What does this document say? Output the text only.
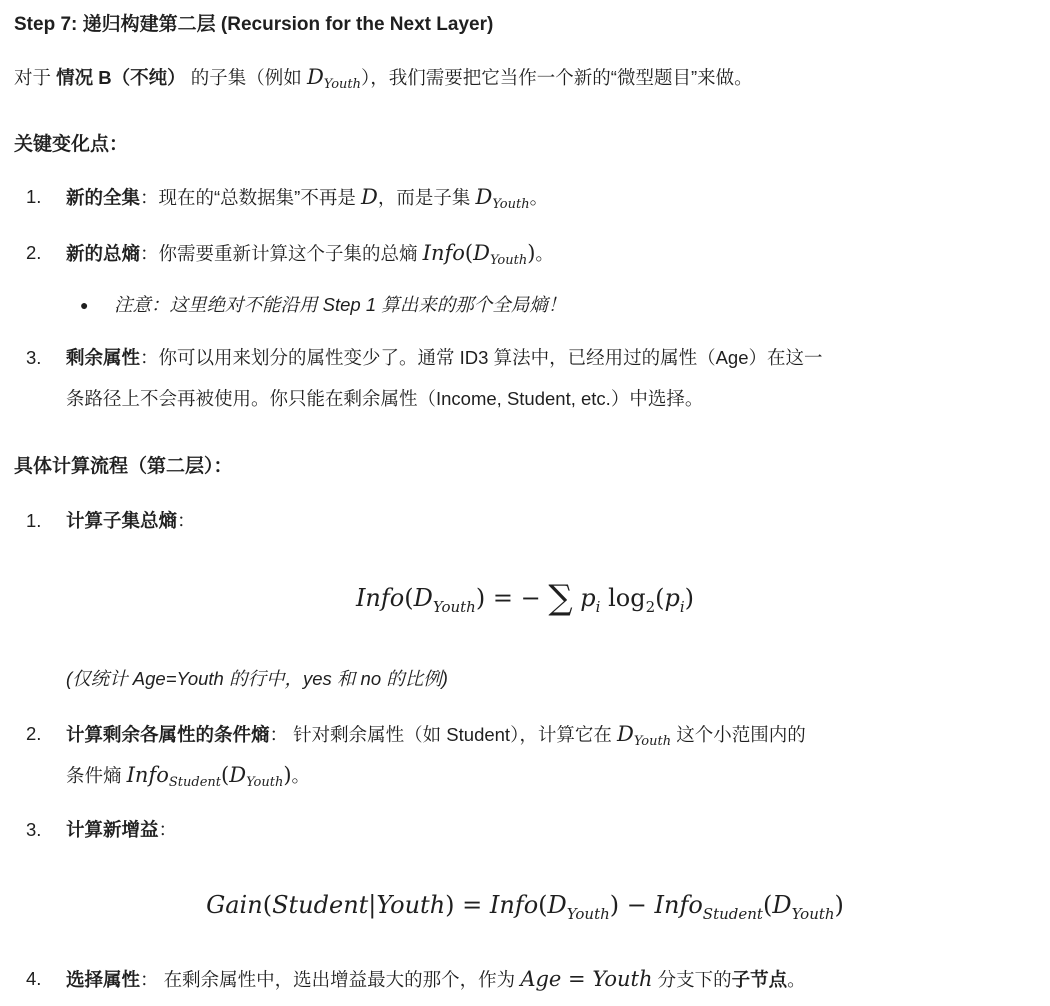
Step 7: 递归构建第二层 (Recursion for the Next Layer)
对于 情况 B（不纯） 的子集（例如 $D_{Youth}$），我们需要把它当作一个新的“微型题目”来做。
关键变化点：
1.	新的全集：现在的“总数据集”不再是 D，而是子集 $D_{Youth}$。
2.	新的总熵：你需要重新计算这个子集的总熵 $Info(D_{Youth})$。
● 注意：这里绝对不能沿用 Step 1 算出来的那个全局熵！
3.	剩余属性：你可以用来划分的属性变少了。通常 ID3 算法中，已经用过的属性（Age）在这一
条路径上不会再被使用。你只能在剩余属性（Income, Student, etc.）中选择。
具体计算流程（第二层）：
1.	计算子集总熵：
$Info(D_{Youth})$ = − ∑ $p_i$ $\log_2(p_i)$
(仅统计 Age=Youth 的行中，yes 和 no 的比例)
2.	计算剩余各属性的条件熵： 针对剩余属性（如 Student），计算它在 $D_{Youth}$ 这个小范围内的
条件熵 $Info_{Student}(D_{Youth})$。
3.	计算新增益：
Gain(Student|Youth) = $Info(D_{Youth})$ − $Info_{Student}(D_{Youth})$
4.	选择属性： 在剩余属性中，选出增益最大的那个，作为 Age = Youth 分支下的子节点。
